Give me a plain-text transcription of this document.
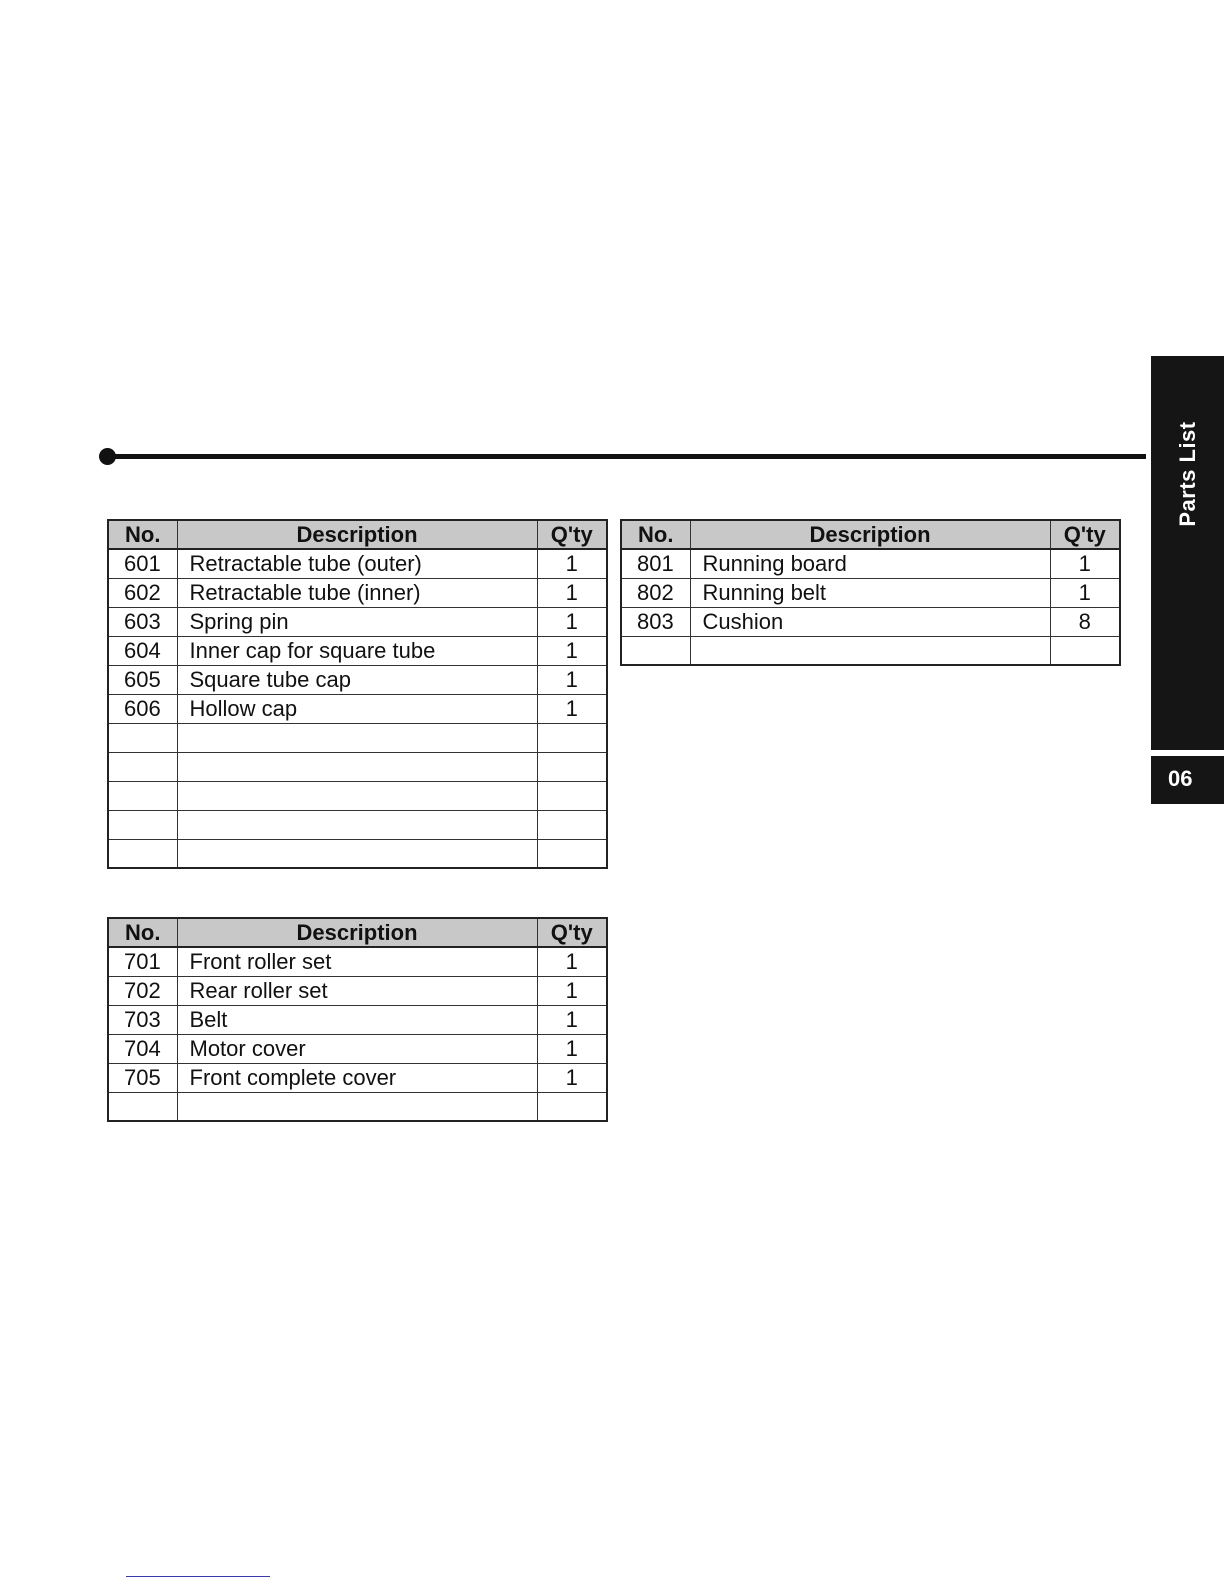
Parts List
06
No.	Description	Q'ty
601	Retractable tube (outer)	1
602	Retractable tube (inner)	1
603	Spring pin	1
604	Inner cap for square tube	1
605	Square tube cap	1
606	Hollow cap	1

No.	Description	Q'ty
701	Front roller set	1
702	Rear roller set	1
703	Belt	1
704	Motor cover	1
705	Front complete cover	1

No.	Description	Q'ty
801	Running board	1
802	Running belt	1
803	Cushion	8
